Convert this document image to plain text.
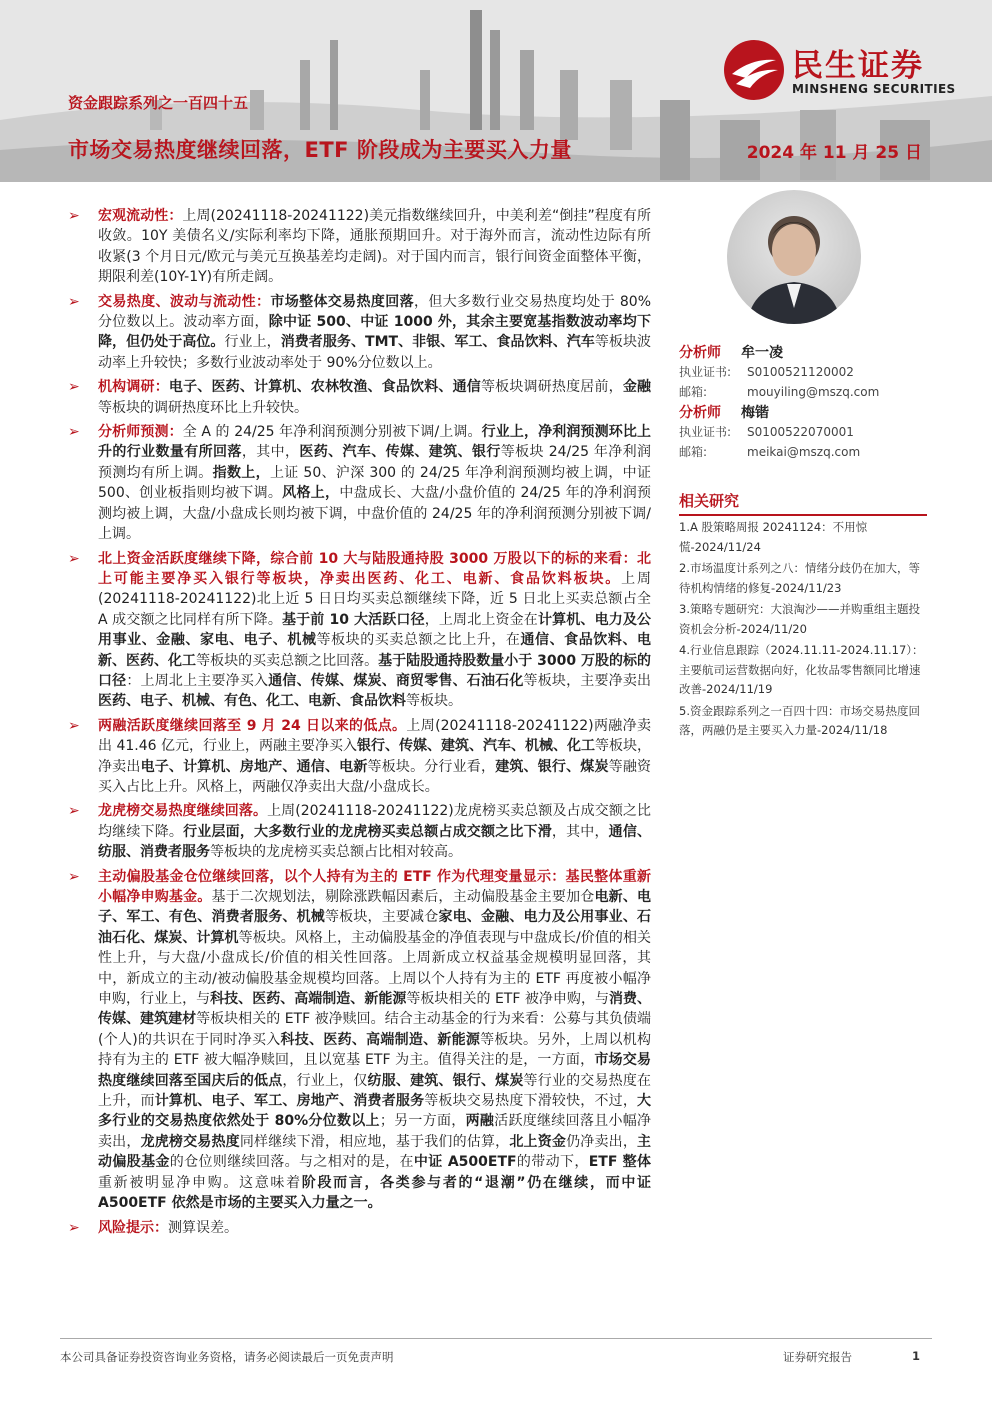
资金跟踪系列之一百四十五
市场交易热度继续回落，ETF 阶段成为主要买入力量	2024 年 11 月 25 日
民生证券
MINSHENG SECURITIES
➢ 宏观流动性：上周(20241118-20241122)美元指数继续回升，中美利差“倒挂”程度有所收敛。10Y 美债名义/实际利率均下降，通胀预期回升。对于海外而言，流动性边际有所收紧(3 个月日元/欧元与美元互换基差均走阔)。对于国内而言，银行间资金面整体平衡，期限利差(10Y-1Y)有所走阔。
➢ 交易热度、波动与流动性：市场整体交易热度回落，但大多数行业交易热度均处于 80%分位数以上。波动率方面，除中证 500、中证 1000 外，其余主要宽基指数波动率均下降，但仍处于高位。行业上，消费者服务、TMT、非银、军工、食品饮料、汽车等板块波动率上升较快；多数行业波动率处于 90%分位数以上。
➢ 机构调研：电子、医药、计算机、农林牧渔、食品饮料、通信等板块调研热度居前，金融等板块的调研热度环比上升较快。
➢ 分析师预测：全 A 的 24/25 年净利润预测分别被下调/上调。行业上，净利润预测环比上升的行业数量有所回落，其中，医药、汽车、传媒、建筑、银行等板块 24/25 年净利润预测均有所上调。指数上，上证 50、沪深 300 的 24/25 年净利润预测均被上调，中证 500、创业板指则均被下调。风格上，中盘成长、大盘/小盘价值的 24/25 年的净利润预测均被上调，大盘/小盘成长则均被下调，中盘价值的 24/25 年的净利润预测分别被下调/上调。
➢ 北上资金活跃度继续下降，综合前 10 大与陆股通持股 3000 万股以下的标的来看：北上可能主要净买入银行等板块，净卖出医药、化工、电新、食品饮料板块。上周(20241118-20241122)北上近 5 日日均买卖总额继续下降，近 5 日北上买卖总额占全 A 成交额之比同样有所下降。基于前 10 大活跃口径，上周北上资金在计算机、电力及公用事业、金融、家电、电子、机械等板块的买卖总额之比上升，在通信、食品饮料、电新、医药、化工等板块的买卖总额之比回落。基于陆股通持股数量小于 3000 万股的标的口径：上周北上主要净买入通信、传媒、煤炭、商贸零售、石油石化等板块，主要净卖出医药、电子、机械、有色、化工、电新、食品饮料等板块。
➢ 两融活跃度继续回落至 9 月 24 日以来的低点。上周(20241118-20241122)两融净卖出 41.46 亿元，行业上，两融主要净买入银行、传媒、建筑、汽车、机械、化工等板块，净卖出电子、计算机、房地产、通信、电新等板块。分行业看，建筑、银行、煤炭等融资买入占比上升。风格上，两融仅净卖出大盘/小盘成长。
➢ 龙虎榜交易热度继续回落。上周(20241118-20241122)龙虎榜买卖总额及占成交额之比均继续下降。行业层面，大多数行业的龙虎榜买卖总额占成交额之比下滑，其中，通信、纺服、消费者服务等板块的龙虎榜买卖总额占比相对较高。
➢ 主动偏股基金仓位继续回落，以个人持有为主的 ETF 作为代理变量显示：基民整体重新小幅净申购基金。基于二次规划法，剔除涨跌幅因素后，主动偏股基金主要加仓电新、电子、军工、有色、消费者服务、机械等板块，主要减仓家电、金融、电力及公用事业、石油石化、煤炭、计算机等板块。风格上，主动偏股基金的净值表现与中盘成长/价值的相关性上升，与大盘/小盘成长/价值的相关性回落。上周新成立权益基金规模明显回落，其中，新成立的主动/被动偏股基金规模均回落。上周以个人持有为主的 ETF 再度被小幅净申购，行业上，与科技、医药、高端制造、新能源等板块相关的 ETF 被净申购，与消费、传媒、建筑建材等板块相关的 ETF 被净赎回。结合主动基金的行为来看：公募与其负债端(个人)的共识在于同时净买入科技、医药、高端制造、新能源等板块。另外，上周以机构持有为主的 ETF 被大幅净赎回，且以宽基 ETF 为主。值得关注的是，一方面，市场交易热度继续回落至国庆后的低点，行业上，仅纺服、建筑、银行、煤炭等行业的交易热度在上升，而计算机、电子、军工、房地产、消费者服务等板块交易热度下滑较快，不过，大多行业的交易热度依然处于 80%分位数以上；另一方面，两融活跃度继续回落且小幅净卖出，龙虎榜交易热度同样继续下滑，相应地，基于我们的估算，北上资金仍净卖出，主动偏股基金的仓位则继续回落。与之相对的是，在中证 A500ETF的带动下，ETF 整体重新被明显净申购。这意味着阶段而言，各类参与者的“退潮”仍在继续，而中证 A500ETF 依然是市场的主要买入力量之一。
➢ 风险提示：测算误差。
分析师 牟一凌
执业证书: S0100521120002
邮箱:	mouyiling@mszq.com
分析师 梅锴
执业证书: S0100522070001
邮箱:	meikai@mszq.com
相关研究
1.A 股策略周报 20241124：不用惊慌-2024/11/24
2.市场温度计系列之八：情绪分歧仍在加大，等待机构情绪的修复-2024/11/23
3.策略专题研究：大浪淘沙——并购重组主题投资机会分析-2024/11/20
4.行业信息跟踪（2024.11.11-2024.11.17）：主要航司运营数据向好，化妆品零售额同比增速改善-2024/11/19
5.资金跟踪系列之一百四十四：市场交易热度回落，两融仍是主要买入力量-2024/11/18
本公司具备证券投资咨询业务资格，请务必阅读最后一页免责声明	证券研究报告	1
